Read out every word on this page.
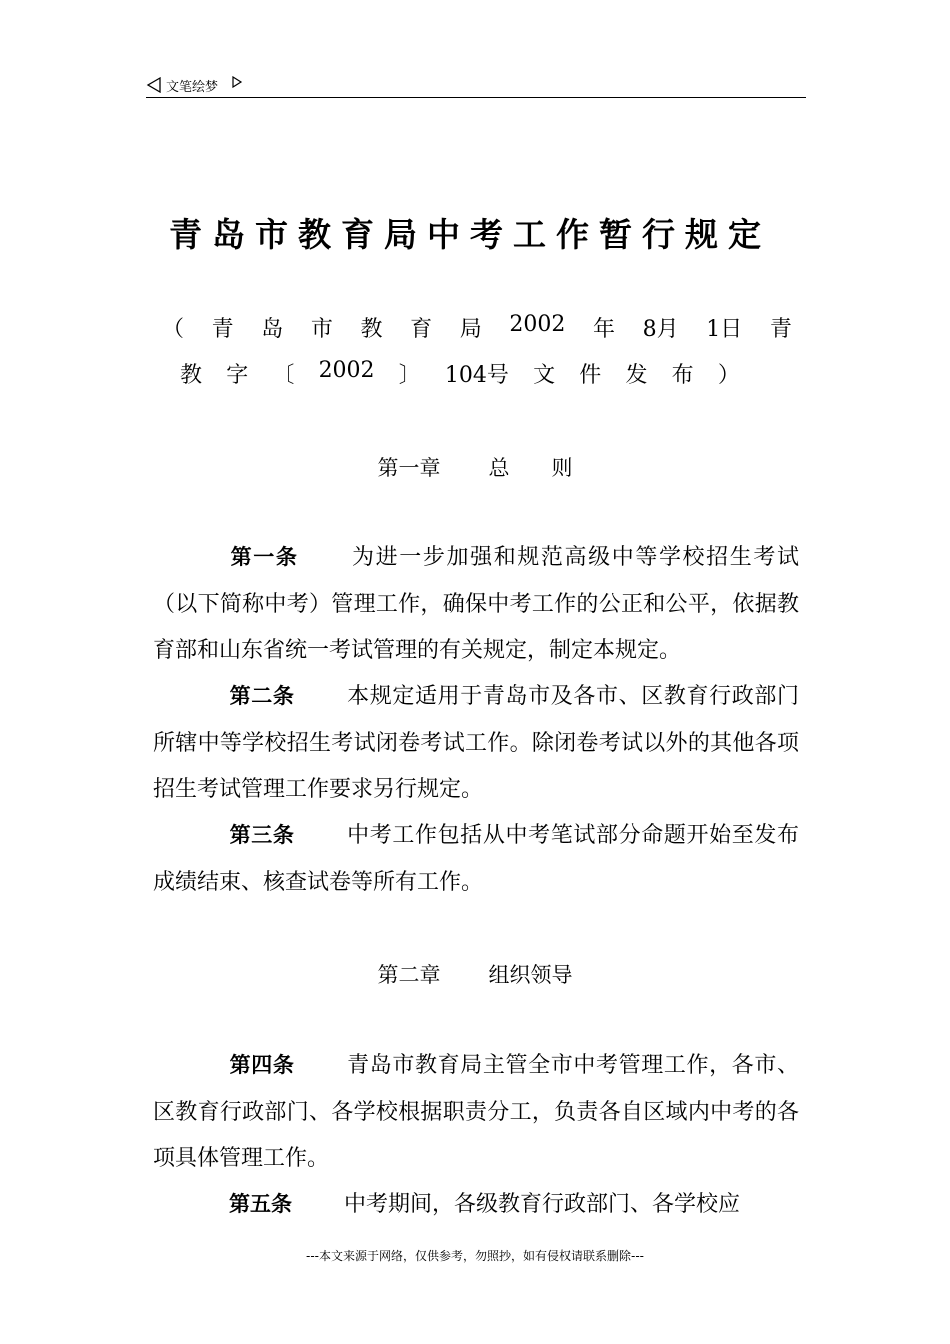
文笔绘梦
青岛市教育局中考工作暂行规定
（ 青 岛 市 教 育 局 2002 年 8月 1日 青
教 字 〔 2002 〕 104号 文 件 发 布 ）
第一章 总　　则
第一条 为进一步加强和规范高级中等学校招生考试（以下简称中考）管理工作，确保中考工作的公正和公平，依据教育部和山东省统一考试管理的有关规定，制定本规定。
第二条 本规定适用于青岛市及各市、区教育行政部门所辖中等学校招生考试闭卷考试工作。除闭卷考试以外的其他各项招生考试管理工作要求另行规定。
第三条 中考工作包括从中考笔试部分命题开始至发布成绩结束、核查试卷等所有工作。
第二章 组织领导
第四条 青岛市教育局主管全市中考管理工作，各市、区教育行政部门、各学校根据职责分工，负责各自区域内中考的各项具体管理工作。
第五条 中考期间，各级教育行政部门、各学校应
---本文来源于网络，仅供参考，勿照抄，如有侵权请联系删除---
